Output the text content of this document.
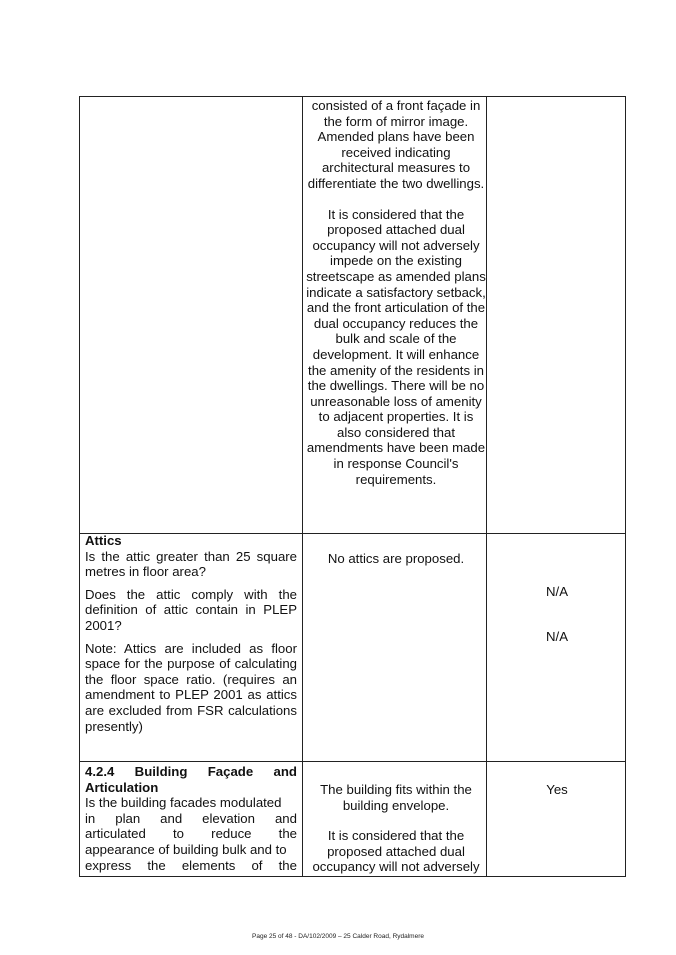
consisted of a front façade in the form of mirror image. Amended plans have been received indicating architectural measures to differentiate the two dwellings.

It is considered that the proposed attached dual occupancy will not adversely impede on the existing streetscape as amended plans indicate a satisfactory setback, and the front articulation of the dual occupancy reduces the bulk and scale of the development. It will enhance the amenity of the residents in the dwellings. There will be no unreasonable loss of amenity to adjacent properties. It is also considered that amendments have been made in response Council's requirements.

Attics

Is the attic greater than 25 square metres in floor area?

Does the attic comply with the definition of attic contain in PLEP 2001?

Note: Attics are included as floor space for the purpose of calculating the floor space ratio. (requires an amendment to PLEP 2001 as attics are excluded from FSR calculations presently)

No attics are proposed.
N/A
N/A
4.2.4 Building Façade and
Articulation
Is the building facades modulated
in plan and elevation and
articulated to reduce the
appearance of building bulk and to
express the elements of the

The building fits within the building envelope.

It is considered that the proposed attached dual occupancy will not adversely

Yes
Page 25 of 48 - DA/102/2009 – 25 Calder Road, Rydalmere
